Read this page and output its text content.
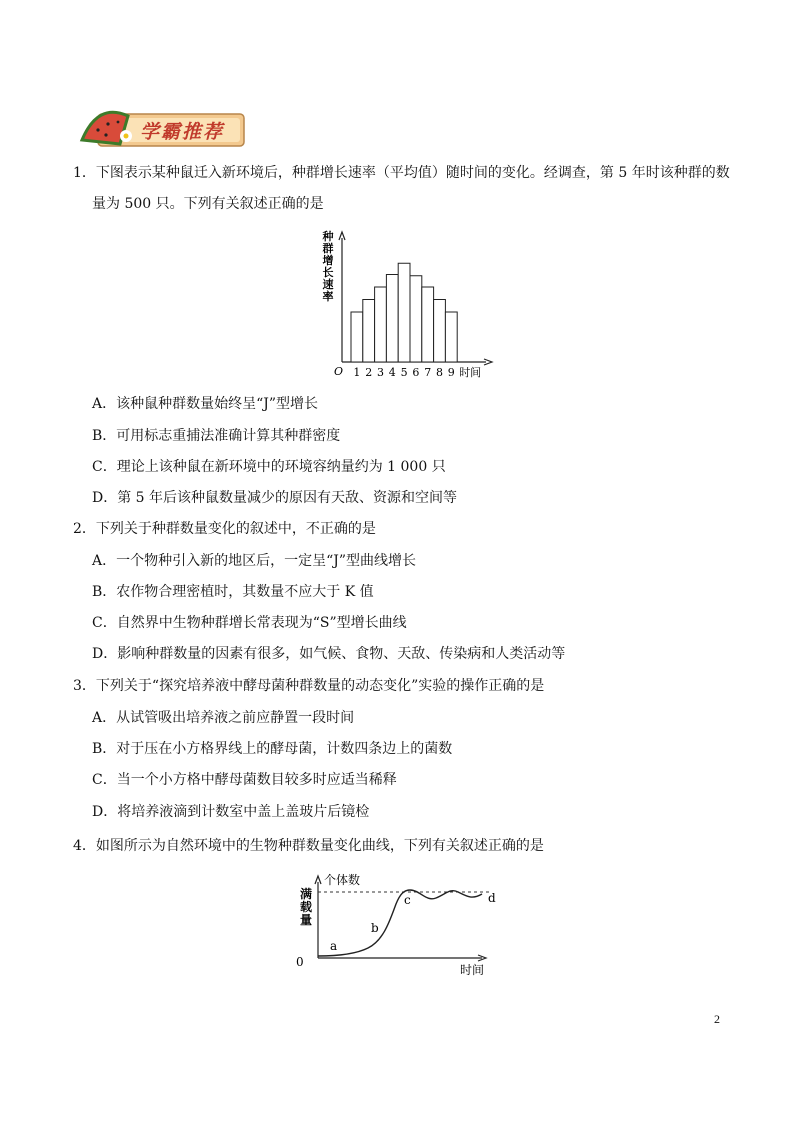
学霸推荐
1．下图表示某种鼠迁入新环境后，种群增长速率（平均值）随时间的变化。经调查，第 5 年时该种群的数
量为 500 只。下列有关叙述正确的是
种
群
增
长
速
率
O 1 2 3 4 5 6 7 8 9 时间
A．该种鼠种群数量始终呈“J”型增长
B．可用标志重捕法准确计算其种群密度
C．理论上该种鼠在新环境中的环境容纳量约为 1 000 只
D．第 5 年后该种鼠数量减少的原因有天敌、资源和空间等
2．下列关于种群数量变化的叙述中，不正确的是
A．一个物种引入新的地区后，一定呈“J”型曲线增长
B．农作物合理密植时，其数量不应大于 K 值
C．自然界中生物种群增长常表现为“S”型增长曲线
D．影响种群数量的因素有很多，如气候、食物、天敌、传染病和人类活动等
3．下列关于“探究培养液中酵母菌种群数量的动态变化”实验的操作正确的是
A．从试管吸出培养液之前应静置一段时间
B．对于压在小方格界线上的酵母菌，计数四条边上的菌数
C．当一个小方格中酵母菌数目较多时应适当稀释
D．将培养液滴到计数室中盖上盖玻片后镜检
4．如图所示为自然环境中的生物种群数量变化曲线，下列有关叙述正确的是
个体数
满
载
量
a
b
c	d
0
时间
2
